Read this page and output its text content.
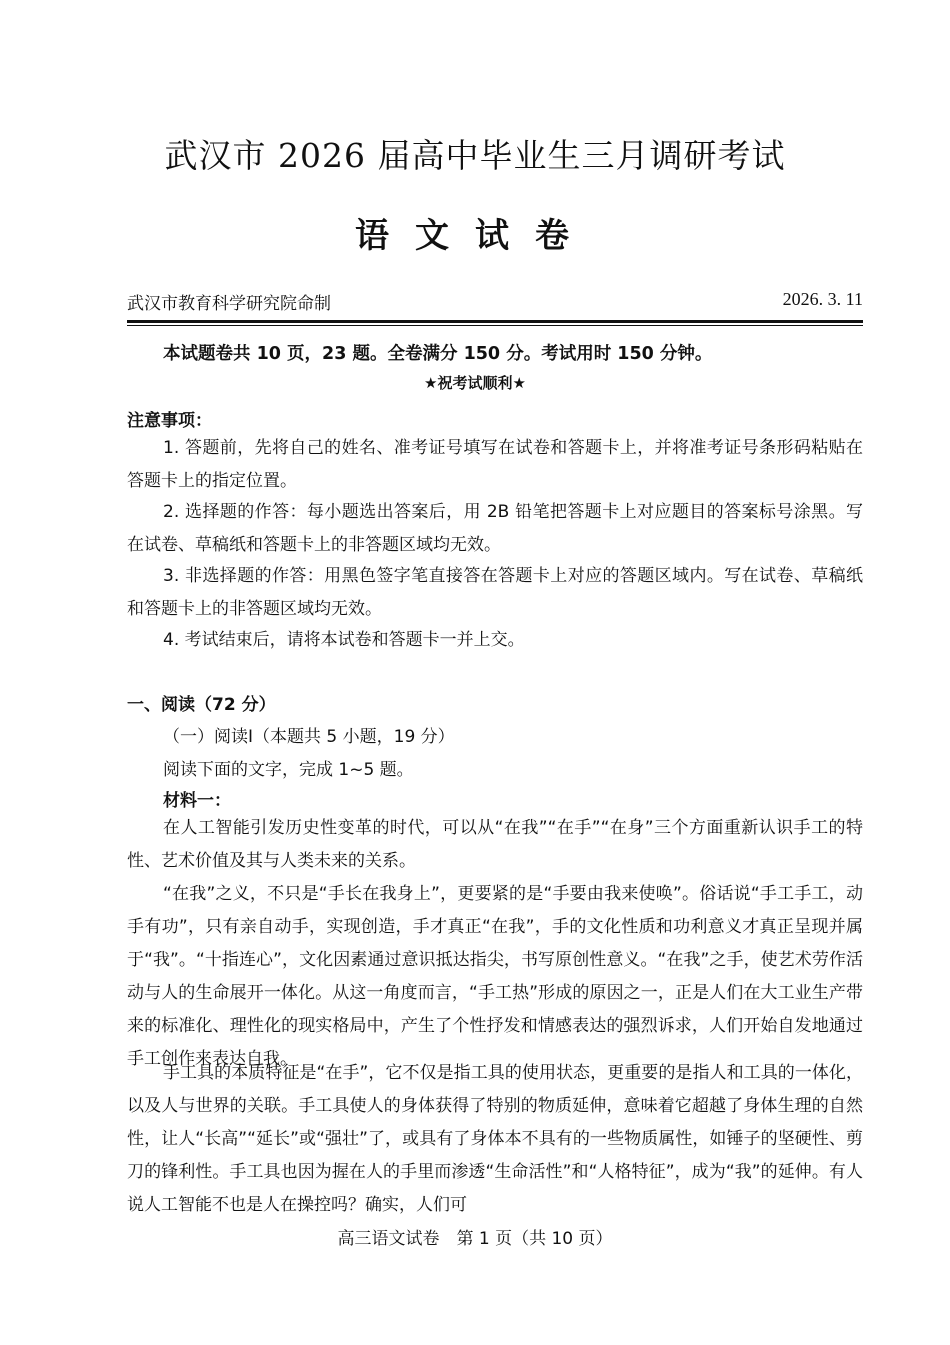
武汉市 2026 届高中毕业生三月调研考试
语文试卷
武汉市教育科学研究院命制	2026. 3. 11
本试题卷共 10 页，23 题。全卷满分 150 分。考试用时 150 分钟。
★祝考试顺利★
注意事项：
1. 答题前，先将自己的姓名、准考证号填写在试卷和答题卡上，并将准考证号条形码粘贴在答题卡上的指定位置。
2. 选择题的作答：每小题选出答案后，用 2B 铅笔把答题卡上对应题目的答案标号涂黑。写在试卷、草稿纸和答题卡上的非答题区域均无效。
3. 非选择题的作答：用黑色签字笔直接答在答题卡上对应的答题区域内。写在试卷、草稿纸和答题卡上的非答题区域均无效。
4. 考试结束后，请将本试卷和答题卡一并上交。
一、阅读（72 分）
（一）阅读Ⅰ（本题共 5 小题，19 分）
阅读下面的文字，完成 1~5 题。
材料一：
在人工智能引发历史性变革的时代，可以从“在我”“在手”“在身”三个方面重新认识手工的特性、艺术价值及其与人类未来的关系。
“在我”之义，不只是“手长在我身上”，更要紧的是“手要由我来使唤”。俗话说“手工手工，动手有功”，只有亲自动手，实现创造，手才真正“在我”，手的文化性质和功利意义才真正呈现并属于“我”。“十指连心”，文化因素通过意识抵达指尖，书写原创性意义。“在我”之手，使艺术劳作活动与人的生命展开一体化。从这一角度而言，“手工热”形成的原因之一，正是人们在大工业生产带来的标准化、理性化的现实格局中，产生了个性抒发和情感表达的强烈诉求，人们开始自发地通过手工创作来表达自我。
手工具的本质特征是“在手”，它不仅是指工具的使用状态，更重要的是指人和工具的一体化，以及人与世界的关联。手工具使人的身体获得了特别的物质延伸，意味着它超越了身体生理的自然性，让人“长高”“延长”或“强壮”了，或具有了身体本不具有的一些物质属性，如锤子的坚硬性、剪刀的锋利性。手工具也因为握在人的手里而渗透“生命活性”和“人格特征”，成为“我”的延伸。有人说人工智能不也是人在操控吗？确实，人们可
高三语文试卷　第 1 页（共 10 页）
